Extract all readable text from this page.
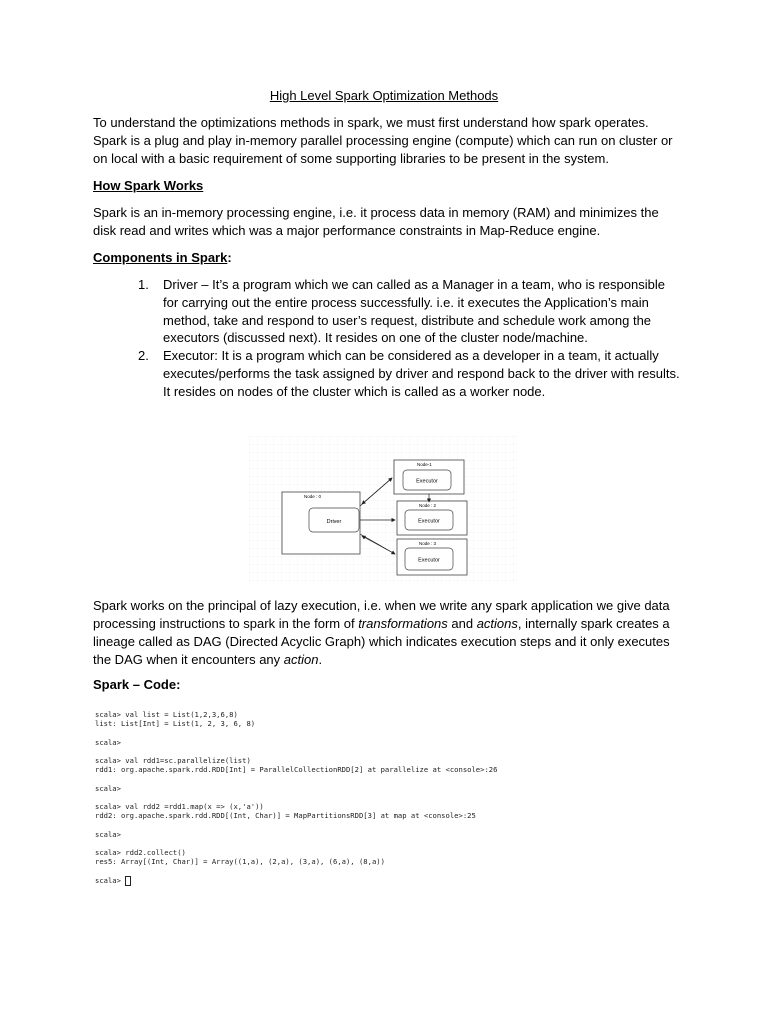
High Level Spark Optimization Methods

To understand the optimizations methods in spark, we must first understand how spark operates. Spark is a plug and play in-memory parallel processing engine (compute) which can run on cluster or on local with a basic requirement of some supporting libraries to be present in the system.

How Spark Works

Spark is an in-memory processing engine, i.e. it process data in memory (RAM) and minimizes the disk read and writes which was a major performance constraints in Map-Reduce engine.

Components in Spark:
1. Driver – It’s a program which we can called as a Manager in a team, who is responsible for carrying out the entire process successfully. i.e. it executes the Application’s main method, take and respond to user’s request, distribute and schedule work among the executors (discussed next). It resides on one of the cluster node/machine.
2. Executor: It is a program which can be considered as a developer in a team, it actually executes/performs the task assigned by driver and respond back to the driver with results. It resides on nodes of the cluster which is called as a worker node.
Node : 0
Driver
Node-1
Executor
Node : 2
Executor
Node : 3
Executor

Spark works on the principal of lazy execution, i.e. when we write any spark application we give data processing instructions to spark in the form of transformations and actions, internally spark creates a lineage called as DAG (Directed Acyclic Graph) which indicates execution steps and it only executes the DAG when it encounters any action.

Spark – Code:
scala> val list = List(1,2,3,6,8)
list: List[Int] = List(1, 2, 3, 6, 8)

scala>

scala> val rdd1=sc.parallelize(list)
rdd1: org.apache.spark.rdd.RDD[Int] = ParallelCollectionRDD[2] at parallelize at <console>:26

scala>

scala> val rdd2 =rdd1.map(x => (x,'a'))
rdd2: org.apache.spark.rdd.RDD[(Int, Char)] = MapPartitionsRDD[3] at map at <console>:25

scala>

scala> rdd2.collect()
res5: Array[(Int, Char)] = Array((1,a), (2,a), (3,a), (6,a), (8,a))

scala>
